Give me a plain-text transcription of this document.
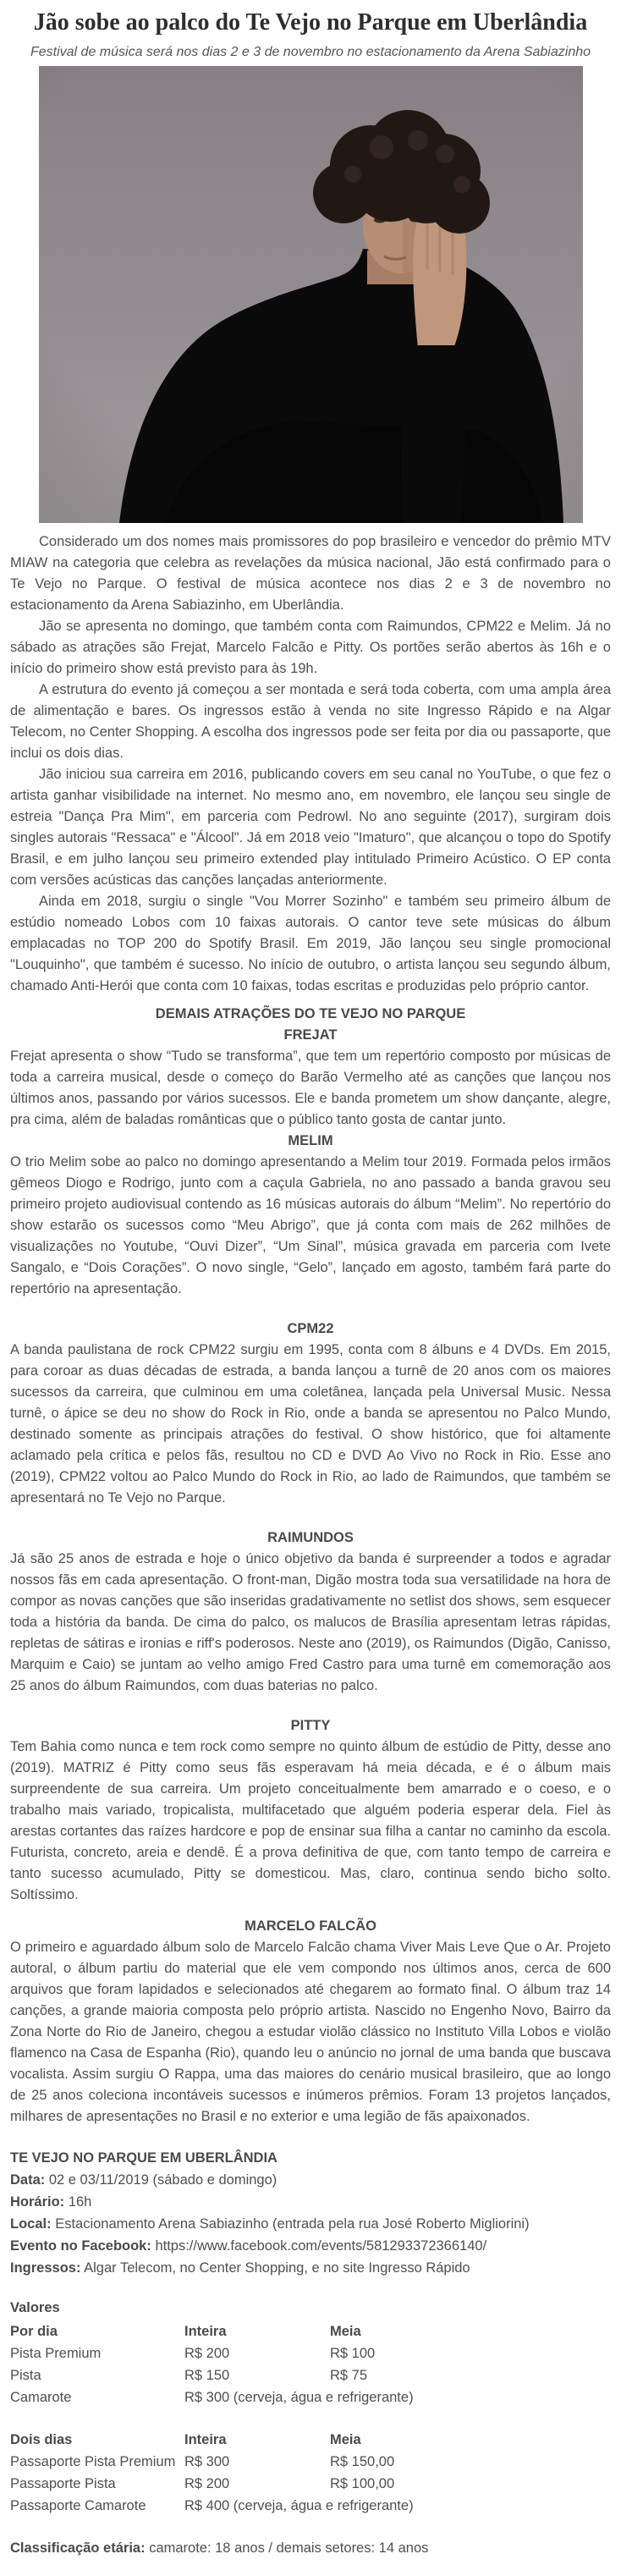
Jão sobe ao palco do Te Vejo no Parque em Uberlândia

Festival de música será nos dias 2 e 3 de novembro no estacionamento da Arena Sabiazinho

Considerado um dos nomes mais promissores do pop brasileiro e vencedor do prêmio MTV MIAW na categoria que celebra as revelações da música nacional, Jão está confirmado para o Te Vejo no Parque. O festival de música acontece nos dias 2 e 3 de novembro no estacionamento da Arena Sabiazinho, em Uberlândia.

Jão se apresenta no domingo, que também conta com Raimundos, CPM22 e Melim. Já no sábado as atrações são Frejat, Marcelo Falcão e Pitty. Os portões serão abertos às 16h e o início do primeiro show está previsto para às 19h.

A estrutura do evento já começou a ser montada e será toda coberta, com uma ampla área de alimentação e bares. Os ingressos estão à venda no site Ingresso Rápido e na Algar Telecom, no Center Shopping. A escolha dos ingressos pode ser feita por dia ou passaporte, que inclui os dois dias.

Jão iniciou sua carreira em 2016, publicando covers em seu canal no YouTube, o que fez o artista ganhar visibilidade na internet. No mesmo ano, em novembro, ele lançou seu single de estreia "Dança Pra Mim", em parceria com Pedrowl. No ano seguinte (2017), surgiram dois singles autorais "Ressaca" e "Álcool". Já em 2018 veio "Imaturo", que alcançou o topo do Spotify Brasil, e em julho lançou seu primeiro extended play intitulado Primeiro Acústico. O EP conta com versões acústicas das canções lançadas anteriormente.

Ainda em 2018, surgiu o single "Vou Morrer Sozinho" e também seu primeiro álbum de estúdio nomeado Lobos com 10 faixas autorais. O cantor teve sete músicas do álbum emplacadas no TOP 200 do Spotify Brasil. Em 2019, Jão lançou seu single promocional "Louquinho", que também é sucesso. No início de outubro, o artista lançou seu segundo álbum, chamado Anti-Herói que conta com 10 faixas, todas escritas e produzidas pelo próprio cantor.

DEMAIS ATRAÇÕES DO TE VEJO NO PARQUE
FREJAT

Frejat apresenta o show “Tudo se transforma”, que tem um repertório composto por músicas de toda a carreira musical, desde o começo do Barão Vermelho até as canções que lançou nos últimos anos, passando por vários sucessos. Ele e banda prometem um show dançante, alegre, pra cima, além de baladas românticas que o público tanto gosta de cantar junto.

MELIM

O trio Melim sobe ao palco no domingo apresentando a Melim tour 2019. Formada pelos irmãos gêmeos Diogo e Rodrigo, junto com a caçula Gabriela, no ano passado a banda gravou seu primeiro projeto audiovisual contendo as 16 músicas autorais do álbum “Melim”. No repertório do show estarão os sucessos como “Meu Abrigo”, que já conta com mais de 262 milhões de visualizações no Youtube, “Ouvi Dizer”, “Um Sinal”, música gravada em parceria com Ivete Sangalo, e “Dois Corações”. O novo single, “Gelo”, lançado em agosto, também fará parte do repertório na apresentação.

CPM22

A banda paulistana de rock CPM22 surgiu em 1995, conta com 8 álbuns e 4 DVDs. Em 2015, para coroar as duas décadas de estrada, a banda lançou a turnê de 20 anos com os maiores sucessos da carreira, que culminou em uma coletânea, lançada pela Universal Music. Nessa turnê, o ápice se deu no show do Rock in Rio, onde a banda se apresentou no Palco Mundo, destinado somente as principais atrações do festival. O show histórico, que foi altamente aclamado pela crítica e pelos fãs, resultou no CD e DVD Ao Vivo no Rock in Rio. Esse ano (2019), CPM22 voltou ao Palco Mundo do Rock in Rio, ao lado de Raimundos, que também se apresentará no Te Vejo no Parque.

RAIMUNDOS

Já são 25 anos de estrada e hoje o único objetivo da banda é surpreender a todos e agradar nossos fãs em cada apresentação. O front-man, Digão mostra toda sua versatilidade na hora de compor as novas canções que são inseridas gradativamente no setlist dos shows, sem esquecer toda a história da banda. De cima do palco, os malucos de Brasília apresentam letras rápidas, repletas de sátiras e ironias e riff's poderosos. Neste ano (2019), os Raimundos (Digão, Canisso, Marquim e Caio) se juntam ao velho amigo Fred Castro para uma turnê em comemoração aos 25 anos do álbum Raimundos, com duas baterias no palco.

PITTY

Tem Bahia como nunca e tem rock como sempre no quinto álbum de estúdio de Pitty, desse ano (2019). MATRIZ é Pitty como seus fãs esperavam há meia década, e é o álbum mais surpreendente de sua carreira. Um projeto conceitualmente bem amarrado e o coeso, e o trabalho mais variado, tropicalista, multifacetado que alguém poderia esperar dela. Fiel às arestas cortantes das raízes hardcore e pop de ensinar sua filha a cantar no caminho da escola. Futurista, concreto, areia e dendê. É a prova definitiva de que, com tanto tempo de carreira e tanto sucesso acumulado, Pitty se domesticou. Mas, claro, continua sendo bicho solto. Soltíssimo.

MARCELO FALCÃO

O primeiro e aguardado álbum solo de Marcelo Falcão chama Viver Mais Leve Que o Ar. Projeto autoral, o álbum partiu do material que ele vem compondo nos últimos anos, cerca de 600 arquivos que foram lapidados e selecionados até chegarem ao formato final. O álbum traz 14 canções, a grande maioria composta pelo próprio artista. Nascido no Engenho Novo, Bairro da Zona Norte do Rio de Janeiro, chegou a estudar violão clássico no Instituto Villa Lobos e violão flamenco na Casa de Espanha (Rio), quando leu o anúncio no jornal de uma banda que buscava vocalista. Assim surgiu O Rappa, uma das maiores do cenário musical brasileiro, que ao longo de 25 anos coleciona incontáveis sucessos e inúmeros prêmios. Foram 13 projetos lançados, milhares de apresentações no Brasil e no exterior e uma legião de fãs apaixonados.

TE VEJO NO PARQUE EM UBERLÂNDIA

Data: 02 e 03/11/2019 (sábado e domingo)

Horário: 16h

Local: Estacionamento Arena Sabiazinho (entrada pela rua José Roberto Migliorini)

Evento no Facebook: https://www.facebook.com/events/581293372366140/

Ingressos: Algar Telecom, no Center Shopping, e no site Ingresso Rápido

Valores

Por dia	Inteira	Meia
Pista Premium	R$ 200	R$ 100
Pista	R$ 150	R$ 75
Camarote	R$ 300 (cerveja, água e refrigerante)
Dois dias	Inteira	Meia
Passaporte Pista Premium R$ 300	R$ 150,00
Passaporte Pista	R$ 200	R$ 100,00
Passaporte Camarote	R$ 400 (cerveja, água e refrigerante)

Classificação etária: camarote: 18 anos / demais setores: 14 anos
